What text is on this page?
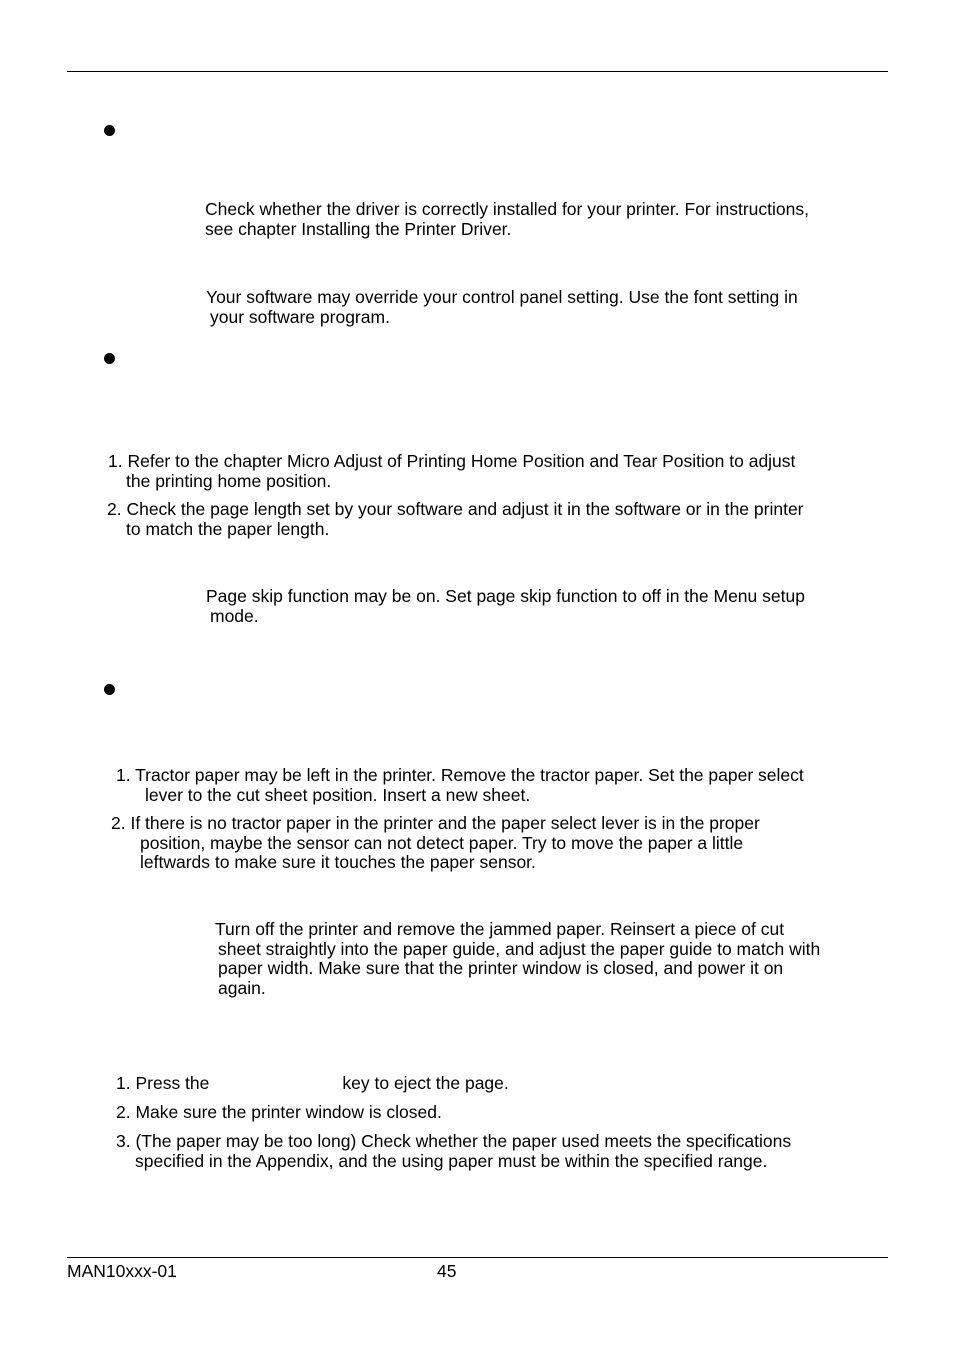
Check whether the driver is correctly installed for your printer. For instructions,
see chapter Installing the Printer Driver.

Your software may override your control panel setting. Use the font setting in
your software program.

1. Refer to the chapter Micro Adjust of Printing Home Position and Tear Position to adjust
the printing home position.

2. Check the page length set by your software and adjust it in the software or in the printer
to match the paper length.

Page skip function may be on. Set page skip function to off in the Menu setup
mode.

1. Tractor paper may be left in the printer. Remove the tractor paper. Set the paper select
lever to the cut sheet position. Insert a new sheet.

2. If there is no tractor paper in the printer and the paper select lever is in the proper
position, maybe the sensor can not detect paper. Try to move the paper a little
leftwards to make sure it touches the paper sensor.

Turn off the printer and remove the jammed paper. Reinsert a piece of cut
sheet straightly into the paper guide, and adjust the paper guide to match with
paper width. Make sure that the printer window is closed, and power it on
again.

1. Press the	key to eject the page.

2. Make sure the printer window is closed.

3. (The paper may be too long) Check whether the paper used meets the specifications
specified in the Appendix, and the using paper must be within the specified range.

MAN10xxx-01	45
